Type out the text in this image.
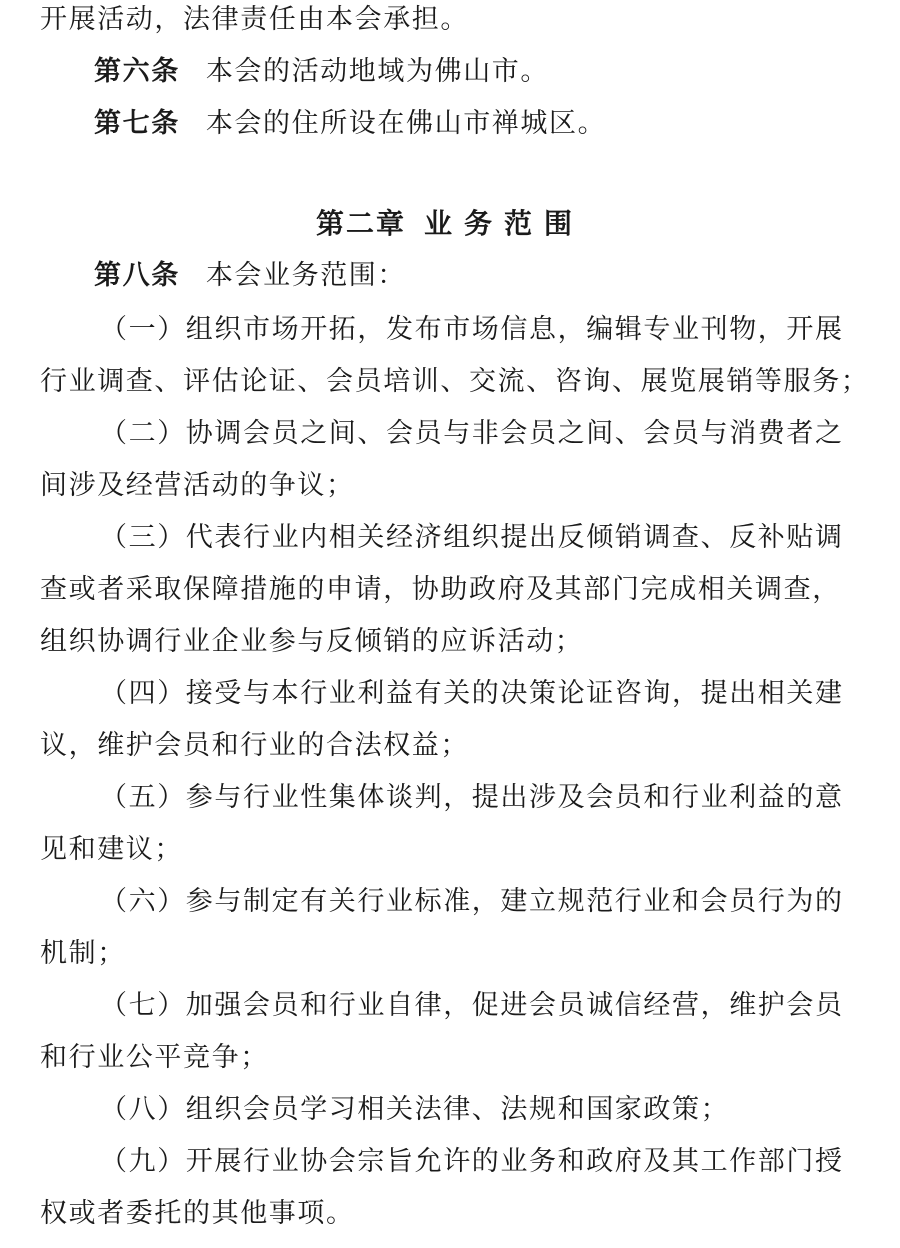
开展活动，法律责任由本会承担。
第六条 本会的活动地域为佛山市。
第七条 本会的住所设在佛山市禅城区。
第二章 业务范围
第八条 本会业务范围：
（一）组织市场开拓，发布市场信息，编辑专业刊物，开展
行业调查、评估论证、会员培训、交流、咨询、展览展销等服务；
（二）协调会员之间、会员与非会员之间、会员与消费者之
间涉及经营活动的争议；
（三）代表行业内相关经济组织提出反倾销调查、反补贴调
查或者采取保障措施的申请，协助政府及其部门完成相关调查，
组织协调行业企业参与反倾销的应诉活动；
（四）接受与本行业利益有关的决策论证咨询，提出相关建
议，维护会员和行业的合法权益；
（五）参与行业性集体谈判，提出涉及会员和行业利益的意
见和建议；
（六）参与制定有关行业标准，建立规范行业和会员行为的
机制；
（七）加强会员和行业自律，促进会员诚信经营，维护会员
和行业公平竞争；
（八）组织会员学习相关法律、法规和国家政策；
（九）开展行业协会宗旨允许的业务和政府及其工作部门授
权或者委托的其他事项。
